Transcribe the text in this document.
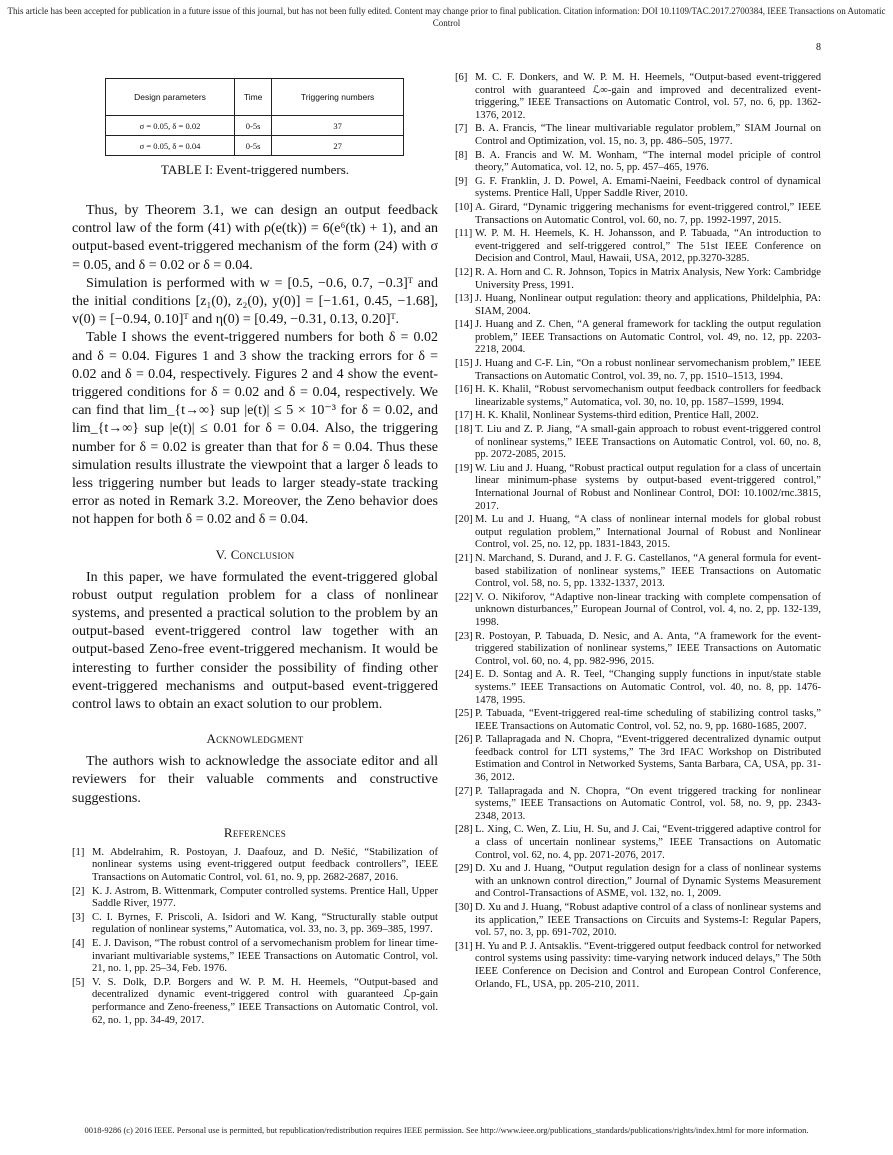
This article has been accepted for publication in a future issue of this journal, but has not been fully edited. Content may change prior to final publication. Citation information: DOI 10.1109/TAC.2017.2700384, IEEE Transactions on Automatic Control
8
Design parameters	Time	Triggering numbers
σ = 0.05, δ = 0.02	0-5s	37
σ = 0.05, δ = 0.04	0-5s	27
TABLE I: Event-triggered numbers.

Thus, by Theorem 3.1, we can design an output feedback control law of the form (41) with ρ(e(tk)) = 6(e⁶(tk) + 1), and an output-based event-triggered mechanism of the form (24) with σ = 0.05, and δ = 0.02 or δ = 0.04.

Simulation is performed with w = [0.5, −0.6, 0.7, −0.3]ᵀ and the initial conditions [z₁(0), z₂(0), y(0)] = [−1.61, 0.45, −1.68], v(0) = [−0.94, 0.10]ᵀ and η(0) = [0.49, −0.31, 0.13, 0.20]ᵀ.

Table I shows the event-triggered numbers for both δ = 0.02 and δ = 0.04. Figures 1 and 3 show the tracking errors for δ = 0.02 and δ = 0.04, respectively. Figures 2 and 4 show the event-triggered conditions for δ = 0.02 and δ = 0.04, respectively. We can find that lim_{t→∞} sup |e(t)| ≤ 5 × 10⁻³ for δ = 0.02, and lim_{t→∞} sup |e(t)| ≤ 0.01 for δ = 0.04. Also, the triggering number for δ = 0.02 is greater than that for δ = 0.04. Thus these simulation results illustrate the viewpoint that a larger δ leads to less triggering number but leads to larger steady-state tracking error as noted in Remark 3.2. Moreover, the Zeno behavior does not happen for both δ = 0.02 and δ = 0.04.

V. Conclusion

In this paper, we have formulated the event-triggered global robust output regulation problem for a class of nonlinear systems, and presented a practical solution to the problem by an output-based event-triggered control law together with an output-based Zeno-free event-triggered mechanism. It would be interesting to further consider the possibility of finding other event-triggered mechanisms and output-based event-triggered control laws to obtain an exact solution to our problem.

Acknowledgment

The authors wish to acknowledge the associate editor and all reviewers for their valuable comments and constructive suggestions.

References
[1] M. Abdelrahim, R. Postoyan, J. Daafouz, and D. Nešić, “Stabilization of nonlinear systems using event-triggered output feedback controllers”, IEEE Transactions on Automatic Control, vol. 61, no. 9, pp. 2682-2687, 2016.
[2] K. J. Astrom, B. Wittenmark, Computer controlled systems. Prentice Hall, Upper Saddle River, 1977.
[3] C. I. Byrnes, F. Priscoli, A. Isidori and W. Kang, “Structurally stable output regulation of nonlinear systems,” Automatica, vol. 33, no. 3, pp. 369–385, 1997.
[4] E. J. Davison, “The robust control of a servomechanism problem for linear time-invariant multivariable systems,” IEEE Transactions on Automatic Control, vol. 21, no. 1, pp. 25–34, Feb. 1976.
[5] V. S. Dolk, D.P. Borgers and W. P. M. H. Heemels, “Output-based and decentralized dynamic event-triggered control with guaranteed ℒp-gain performance and Zeno-freeness,” IEEE Transactions on Automatic Control, vol. 62, no. 1, pp. 34-49, 2017.
[6] M. C. F. Donkers, and W. P. M. H. Heemels, “Output-based event-triggered control with guaranteed ℒ∞-gain and improved and decentralized event-triggering,” IEEE Transactions on Automatic Control, vol. 57, no. 6, pp. 1362-1376, 2012.
[7] B. A. Francis, “The linear multivariable regulator problem,” SIAM Journal on Control and Optimization, vol. 15, no. 3, pp. 486–505, 1977.
[8] B. A. Francis and W. M. Wonham, “The internal model priciple of control theory,” Automatica, vol. 12, no. 5, pp. 457–465, 1976.
[9] G. F. Franklin, J. D. Powel, A. Emami-Naeini, Feedback control of dynamical systems. Prentice Hall, Upper Saddle River, 2010.
[10] A. Girard, “Dynamic triggering mechanisms for event-triggered control,” IEEE Transactions on Automatic Control, vol. 60, no. 7, pp. 1992-1997, 2015.
[11] W. P. M. H. Heemels, K. H. Johansson, and P. Tabuada, “An introduction to event-triggered and self-triggered control,” The 51st IEEE Conference on Decision and Control, Maul, Hawaii, USA, 2012, pp.3270-3285.
[12] R. A. Horn and C. R. Johnson, Topics in Matrix Analysis, New York: Cambridge University Press, 1991.
[13] J. Huang, Nonlinear output regulation: theory and applications, Phildelphia, PA: SIAM, 2004.
[14] J. Huang and Z. Chen, “A general framework for tackling the output regulation problem,” IEEE Transactions on Automatic Control, vol. 49, no. 12, pp. 2203-2218, 2004.
[15] J. Huang and C-F. Lin, “On a robust nonlinear servomechanism problem,” IEEE Transactions on Automatic Control, vol. 39, no. 7, pp. 1510–1513, 1994.
[16] H. K. Khalil, “Robust servomechanism output feedback controllers for feedback linearizable systems,” Automatica, vol. 30, no. 10, pp. 1587–1599, 1994.
[17] H. K. Khalil, Nonlinear Systems-third edition, Prentice Hall, 2002.
[18] T. Liu and Z. P. Jiang, “A small-gain approach to robust event-triggered control of nonlinear systems,” IEEE Transactions on Automatic Control, vol. 60, no. 8, pp. 2072-2085, 2015.
[19] W. Liu and J. Huang, “Robust practical output regulation for a class of uncertain linear minimum-phase systems by output-based event-triggered control,” International Journal of Robust and Nonlinear Control, DOI: 10.1002/rnc.3815, 2017.
[20] M. Lu and J. Huang, “A class of nonlinear internal models for global robust output regulation problem,” International Journal of Robust and Nonlinear Control, vol. 25, no. 12, pp. 1831-1843, 2015.
[21] N. Marchand, S. Durand, and J. F. G. Castellanos, “A general formula for event-based stabilization of nonlinear systems,” IEEE Transactions on Automatic Control, vol. 58, no. 5, pp. 1332-1337, 2013.
[22] V. O. Nikiforov, “Adaptive non-linear tracking with complete compensation of unknown disturbances,” European Journal of Control, vol. 4, no. 2, pp. 132-139, 1998.
[23] R. Postoyan, P. Tabuada, D. Nesic, and A. Anta, “A framework for the event-triggered stabilization of nonlinear systems,” IEEE Transactions on Automatic Control, vol. 60, no. 4, pp. 982-996, 2015.
[24] E. D. Sontag and A. R. Teel, “Changing supply functions in input/state stable systems.” IEEE Transactions on Automatic Control, vol. 40, no. 8, pp. 1476-1478, 1995.
[25] P. Tabuada, “Event-triggered real-time scheduling of stabilizing control tasks,” IEEE Transactions on Automatic Control, vol. 52, no. 9, pp. 1680-1685, 2007.
[26] P. Tallapragada and N. Chopra, “Event-triggered decentralized dynamic output feedback control for LTI systems,” The 3rd IFAC Workshop on Distributed Estimation and Control in Networked Systems, Santa Barbara, CA, USA, pp. 31-36, 2012.
[27] P. Tallapragada and N. Chopra, “On event triggered tracking for nonlinear systems,” IEEE Transactions on Automatic Control, vol. 58, no. 9, pp. 2343-2348, 2013.
[28] L. Xing, C. Wen, Z. Liu, H. Su, and J. Cai, “Event-triggered adaptive control for a class of uncertain nonlinear systems,” IEEE Transactions on Automatic Control, vol. 62, no. 4, pp. 2071-2076, 2017.
[29] D. Xu and J. Huang, “Output regulation design for a class of nonlinear systems with an unknown control direction,” Journal of Dynamic Systems Measurement and Control-Transactions of ASME, vol. 132, no. 1, 2009.
[30] D. Xu and J. Huang, “Robust adaptive control of a class of nonlinear systems and its application,” IEEE Transactions on Circuits and Systems-I: Regular Papers, vol. 57, no. 3, pp. 691-702, 2010.
[31] H. Yu and P. J. Antsaklis. “Event-triggered output feedback control for networked control systems using passivity: time-varying network induced delays,” The 50th IEEE Conference on Decision and Control and European Control Conference, Orlando, FL, USA, pp. 205-210, 2011.
0018-9286 (c) 2016 IEEE. Personal use is permitted, but republication/redistribution requires IEEE permission. See http://www.ieee.org/publications_standards/publications/rights/index.html for more information.
